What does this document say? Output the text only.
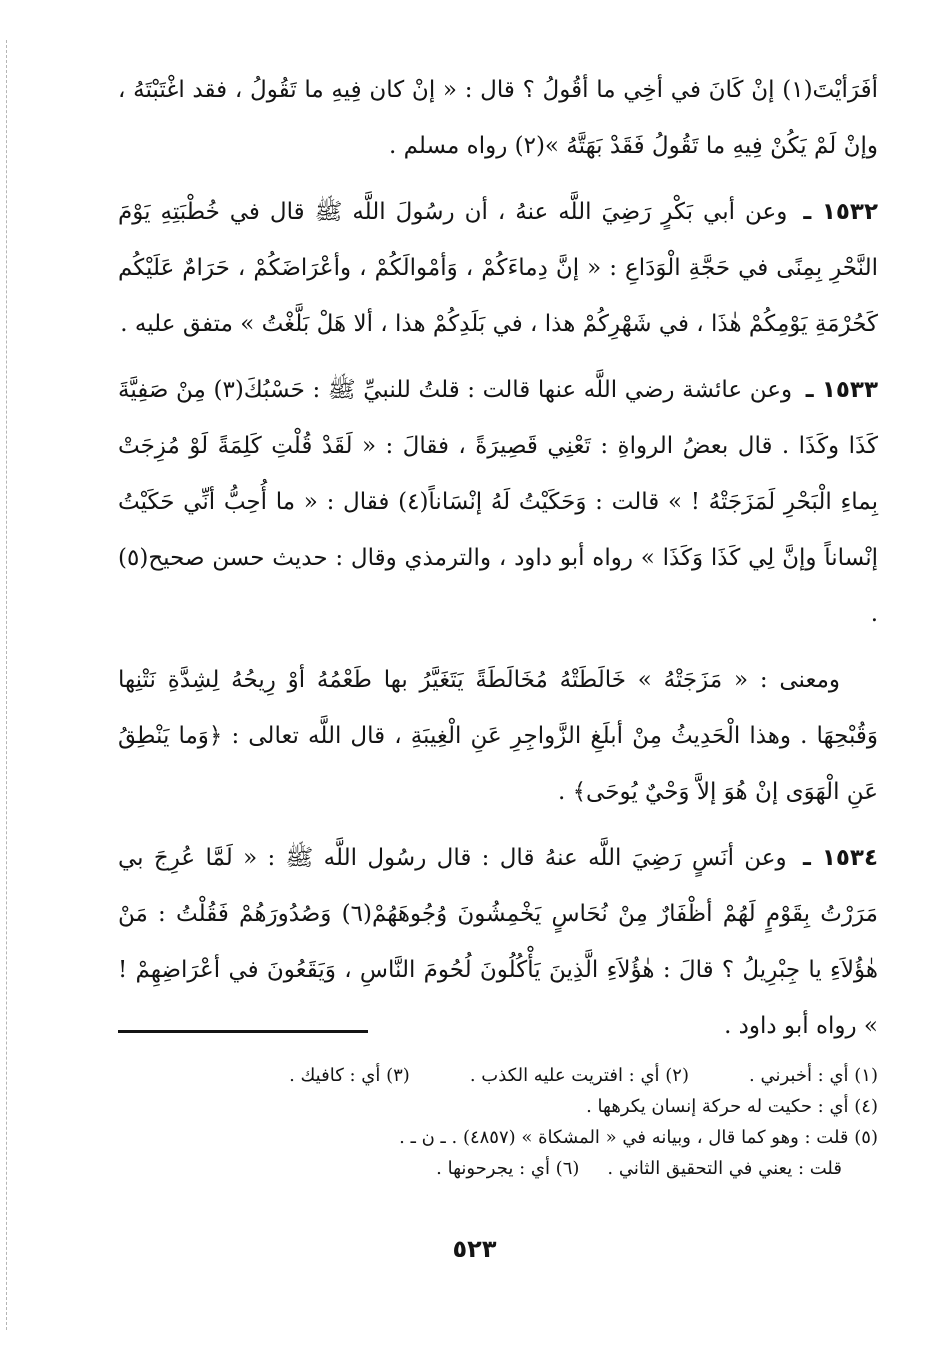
أفَرَأيْتَ(١) إنْ كَانَ في أخِي ما أقُولُ ؟ قال : « إنْ كان فِيهِ ما تَقُولُ ، فقد اغْتَبْتَهُ ، وإنْ لَمْ يَكُنْ فِيهِ ما تَقُولُ فَقَدْ بَهَتَّهُ »(٢) رواه مسلم .

١٥٣٢ ـ وعن أبي بَكْرٍ رَضِيَ اللَّه عنهُ ، أن رسُولَ اللَّه ﷺ قال في خُطْبَتِهِ يَوْمَ النَّحْرِ بِمِنًى في حَجَّةِ الْوَدَاعِ : « إنَّ دِماءَكُمْ ، وَأمْوالَكُمْ ، وأعْرَاضَكُمْ ، حَرَامٌ عَلَيْكُم كَحُرْمَةِ يَوْمِكُمْ هٰذَا ، في شَهْرِكُمْ هذا ، في بَلَدِكُمْ هذا ، ألا هَلْ بَلَّغْتُ » متفق عليه .

١٥٣٣ ـ وعن عائشة رضي اللَّه عنها قالت : قلتُ للنبيِّ ﷺ : حَسْبُكَ(٣) مِنْ صَفِيَّةَ كَذَا وكَذَا . قال بعضُ الرواةِ : تَعْنِي قَصِيرَةً ، فقالَ : « لَقَدْ قُلْتِ كَلِمَةً لَوْ مُزِجَتْ بِماءِ الْبَحْرِ لَمَزَجَتْهُ ! » قالت : وَحَكَيْتُ لَهُ إنْسَاناً(٤) فقال : « ما أُحِبُّ أنِّي حَكَيْتُ إنْساناً وإنَّ لِي كَذَا وَكَذَا » رواه أبو داود ، والترمذي وقال : حديث حسن صحيح(٥) .

ومعنى : « مَزَجَتْهُ » خَالَطَتْهُ مُخَالَطَةً يَتَغَيَّرُ بها طَعْمُهُ أوْ رِيحُهُ لِشِدَّةِ نَتْنِها وَقُبْحِهَا . وهذا الْحَدِيثُ مِنْ أبلَغِ الزَّواجِرِ عَنِ الْغِيبَةِ ، قال اللَّه تعالى : ﴿وَما يَنْطِقُ عَنِ الْهَوَى إنْ هُوَ إلاَّ وَحْيٌ يُوحَى﴾ .

١٥٣٤ ـ وعن أنَسٍ رَضِيَ اللَّه عنهُ قال : قال رسُول اللَّه ﷺ : « لَمَّا عُرِجَ بي مَرَرْتُ بِقَوْمٍ لَهُمْ أظْفَارٌ مِنْ نُحَاسٍ يَخْمِشُونَ وُجُوهَهُمْ(٦) وَصُدُورَهُمْ فَقُلْتُ : مَنْ هٰؤُلاَءِ يا جِبْرِيلُ ؟ قالَ : هٰؤُلاَءِ الَّذِينَ يَأْكُلُونَ لُحُومَ النَّاسِ ، وَيَقَعُونَ في أعْرَاضِهِمْ ! » رواه أبو داود .

(١) أي : أخبرني .
(٢) أي : افتريت عليه الكذب .
(٣) أي : كافيك .
(٤) أي : حكيت له حركة إنسان يكرهها .
(٥) قلت : وهو كما قال ، وبيانه في « المشكاة » (٤٨٥٧) . ـ ن ـ .
قلت : يعني في التحقيق الثاني .
(٦) أي : يجرحونها .
٥٢٣
